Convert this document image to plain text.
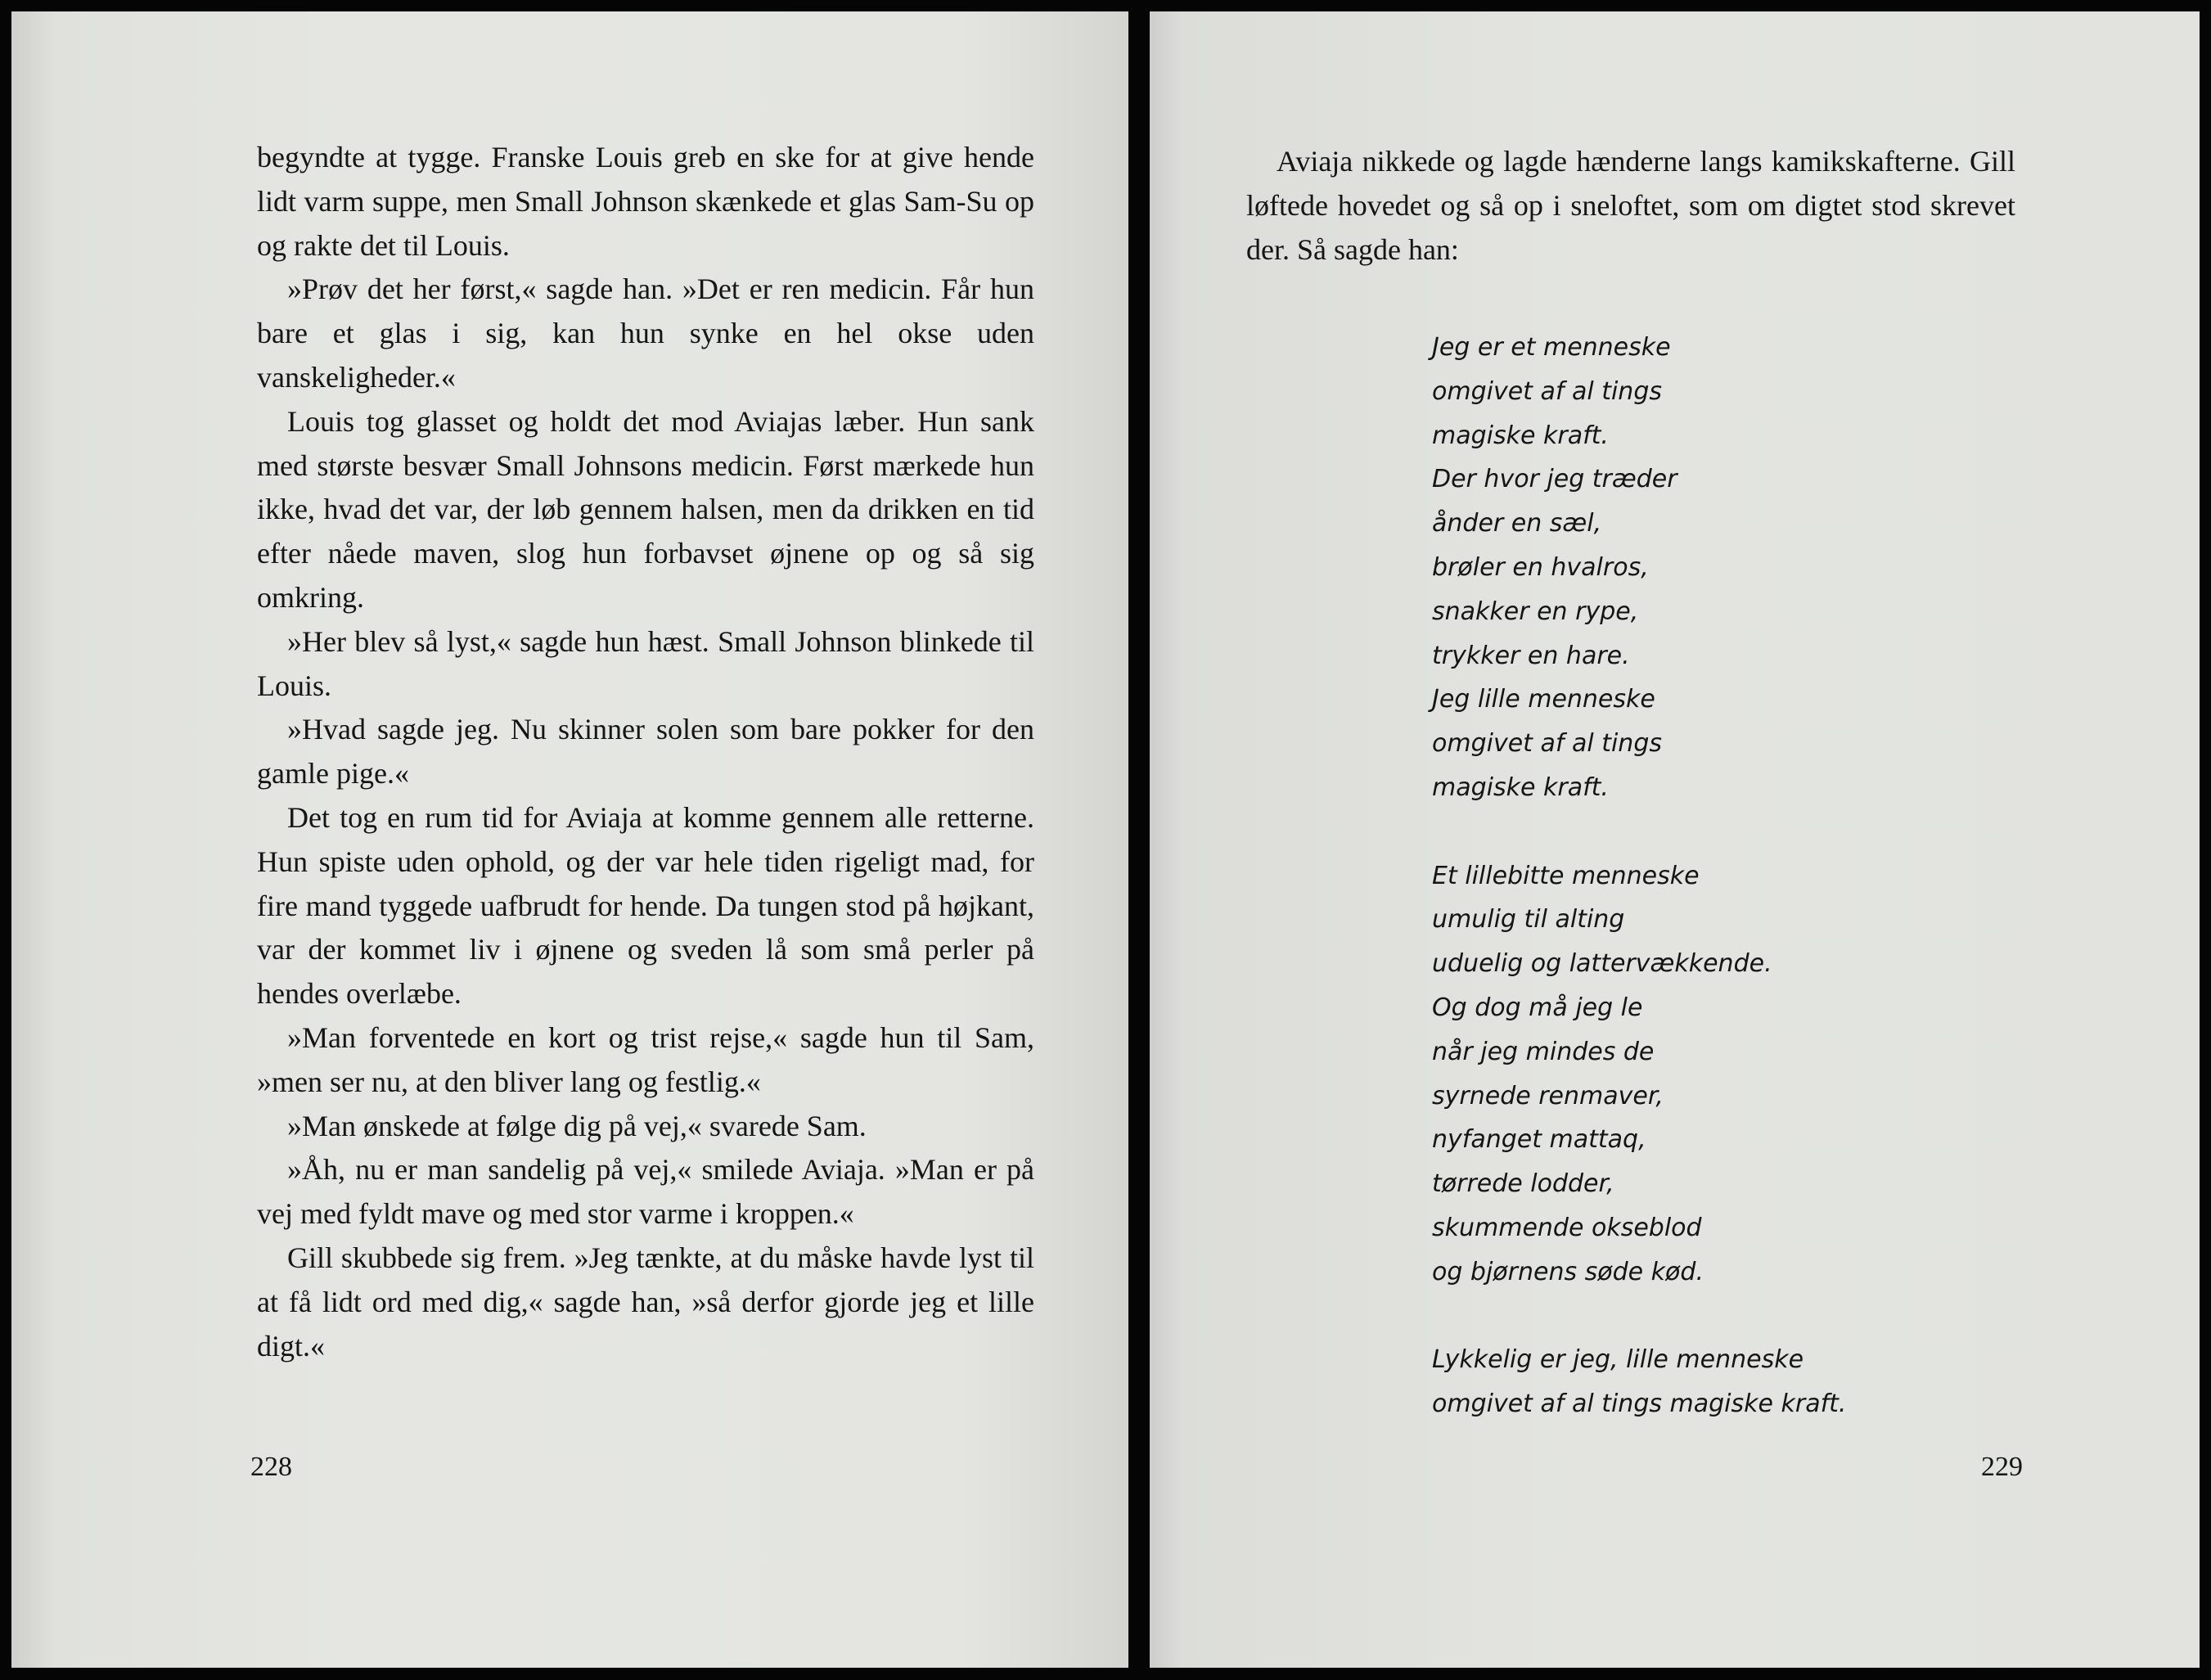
begyndte at tygge. Franske Louis greb en ske for at give hende lidt varm suppe, men Small Johnson skænkede et glas Sam-Su op og rakte det til Louis.

»Prøv det her først,« sagde han. »Det er ren medicin. Får hun bare et glas i sig, kan hun synke en hel okse uden vanskeligheder.«

Louis tog glasset og holdt det mod Aviajas læber. Hun sank med største besvær Small Johnsons medicin. Først mærkede hun ikke, hvad det var, der løb gennem halsen, men da drikken en tid efter nåede maven, slog hun forbavset øjnene op og så sig omkring.

»Her blev så lyst,« sagde hun hæst. Small Johnson blinkede til Louis.

»Hvad sagde jeg. Nu skinner solen som bare pokker for den gamle pige.«

Det tog en rum tid for Aviaja at komme gennem alle retterne. Hun spiste uden ophold, og der var hele tiden rigeligt mad, for fire mand tyggede uafbrudt for hende. Da tungen stod på højkant, var der kommet liv i øjnene og sveden lå som små perler på hendes overlæbe.

»Man forventede en kort og trist rejse,« sagde hun til Sam, »men ser nu, at den bliver lang og festlig.«

»Man ønskede at følge dig på vej,« svarede Sam.

»Åh, nu er man sandelig på vej,« smilede Aviaja. »Man er på vej med fyldt mave og med stor varme i kroppen.«

Gill skubbede sig frem. »Jeg tænkte, at du måske havde lyst til at få lidt ord med dig,« sagde han, »så derfor gjorde jeg et lille digt.«

228

Aviaja nikkede og lagde hænderne langs kamikskafterne. Gill løftede hovedet og så op i sneloftet, som om digtet stod skrevet der. Så sagde han:

Jeg er et menneske
omgivet af al tings
magiske kraft.
Der hvor jeg træder
ånder en sæl,
brøler en hvalros,
snakker en rype,
trykker en hare.
Jeg lille menneske
omgivet af al tings
magiske kraft.
Et lillebitte menneske
umulig til alting
uduelig og lattervækkende.
Og dog må jeg le
når jeg mindes de
syrnede renmaver,
nyfanget mattaq,
tørrede lodder,
skummende okseblod
og bjørnens søde kød.
Lykkelig er jeg, lille menneske
omgivet af al tings magiske kraft.
229
